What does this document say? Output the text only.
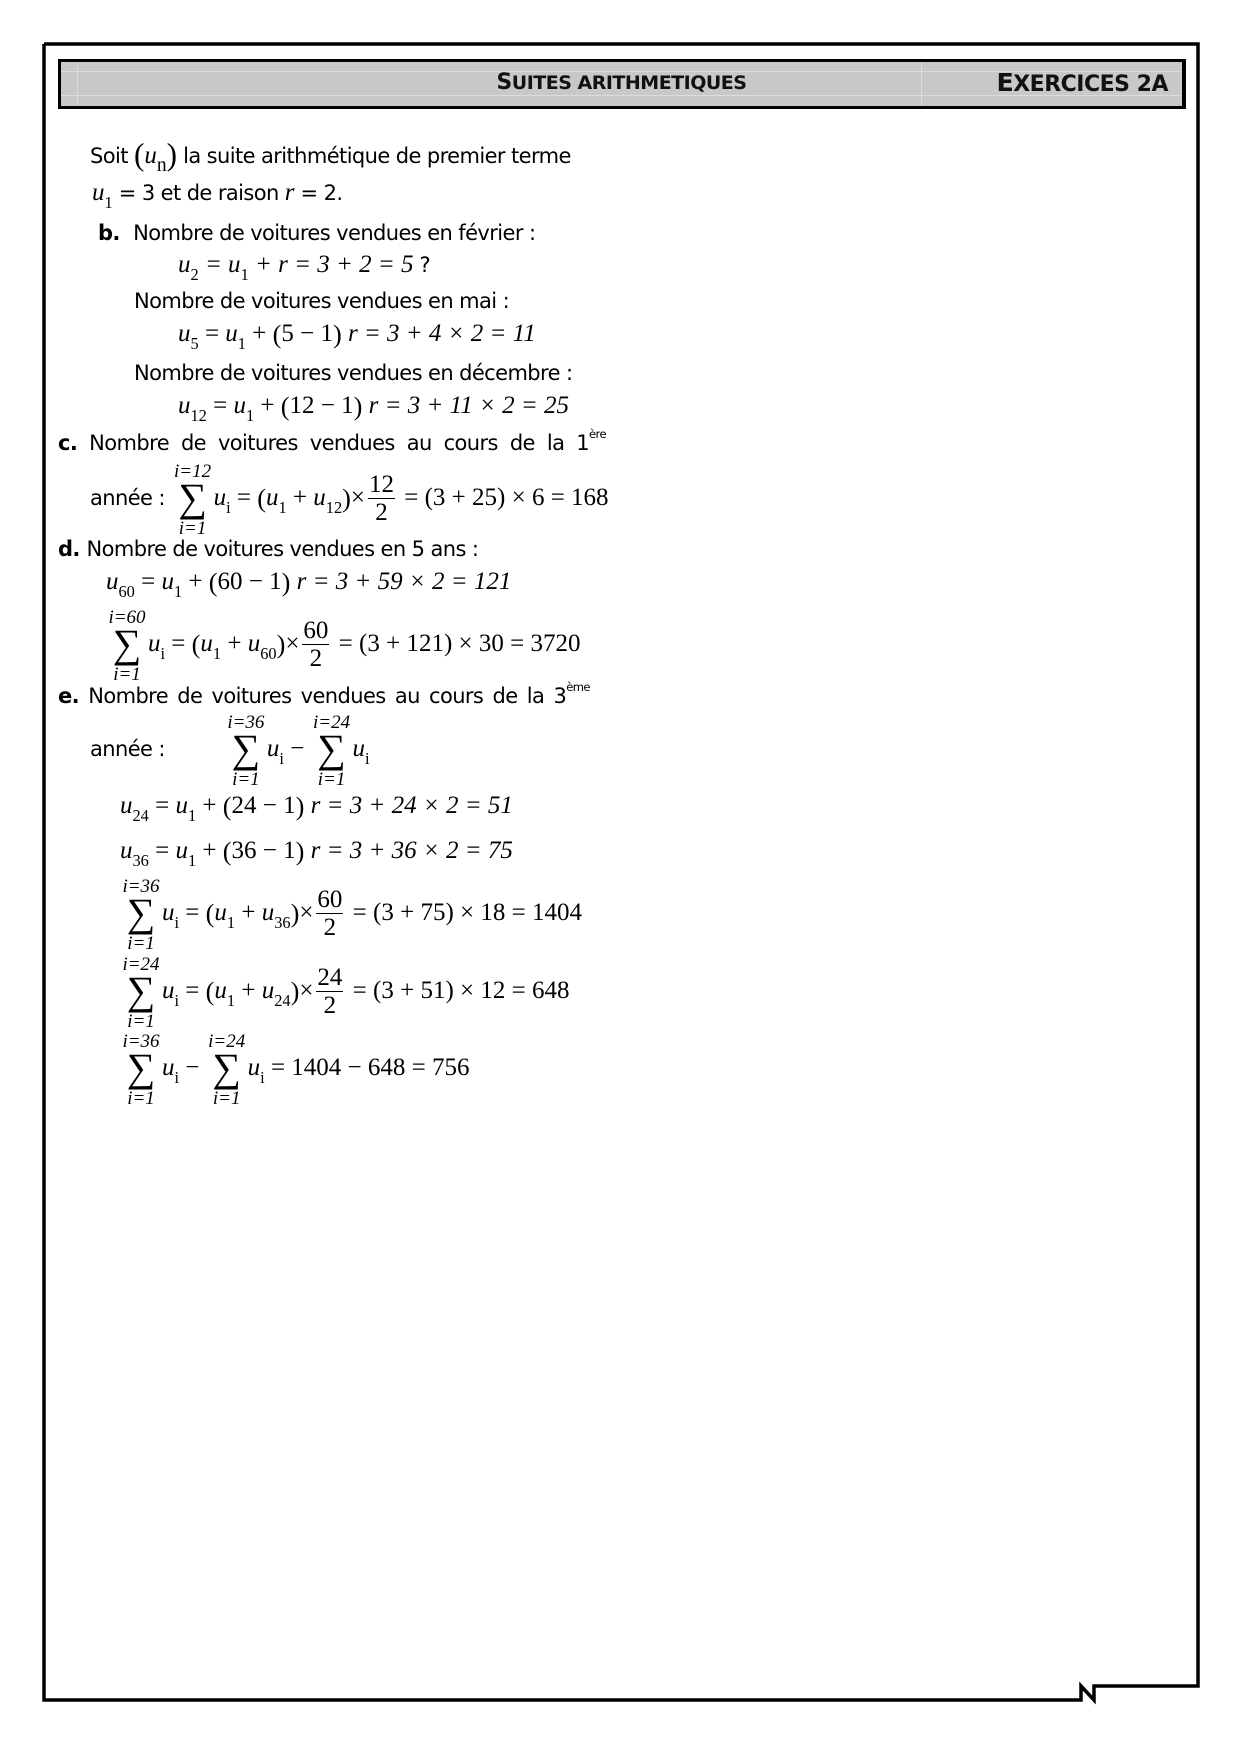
SUITES ARITHMETIQUES	EXERCICES 2A
Soit $(u_n)$ la suite arithmétique de premier terme
$u_1 = 3$ et de raison r = 2.
b. Nombre de voitures vendues en février :
$u_2 = u_1 + r = 3 + 2 = 5$ ?
Nombre de voitures vendues en mai :
$u_5 = u_1 + (5 - 1) r = 3 + 4 \times 2 = 11$
Nombre de voitures vendues en décembre :
$u_{12} = u_1 + (12 - 1) r = 3 + 11 \times 2 = 25$
c. Nombre de voitures vendues au cours de la 1ère
année :
i=12
∑
i=1
$u_i = (u_1 + u_{12})\times \frac{12}{2} = (3 + 25) \times 6 = 168$
d. Nombre de voitures vendues en 5 ans :
$u_{60} = u_1 + (60 - 1) r = 3 + 59 \times 2 = 121$
i=60
∑
i=1
$u_i = (u_1 + u_{60})\times \frac{60}{2} = (3 + 121) \times 30 = 3720$
e. Nombre de voitures vendues au cours de la 3ème
année :
i=36
∑
i=1
$u_i$ −
i=24
∑
i=1
$u_i$
$u_{24} = u_1 + (24 - 1) r = 3 + 24 \times 2 = 51$
$u_{36} = u_1 + (36 - 1) r = 3 + 36 \times 2 = 75$
i=36
∑
i=1
$u_i = (u_1 + u_{36})\times \frac{60}{2} = (3 + 75) \times 18 = 1404$
i=24
∑
i=1
$u_i = (u_1 + u_{24})\times \frac{24}{2} = (3 + 51) \times 12 = 648$
i=36
∑
i=1
$u_i$ −
i=24
∑
i=1
$u_i = 1404 - 648 = 756$
